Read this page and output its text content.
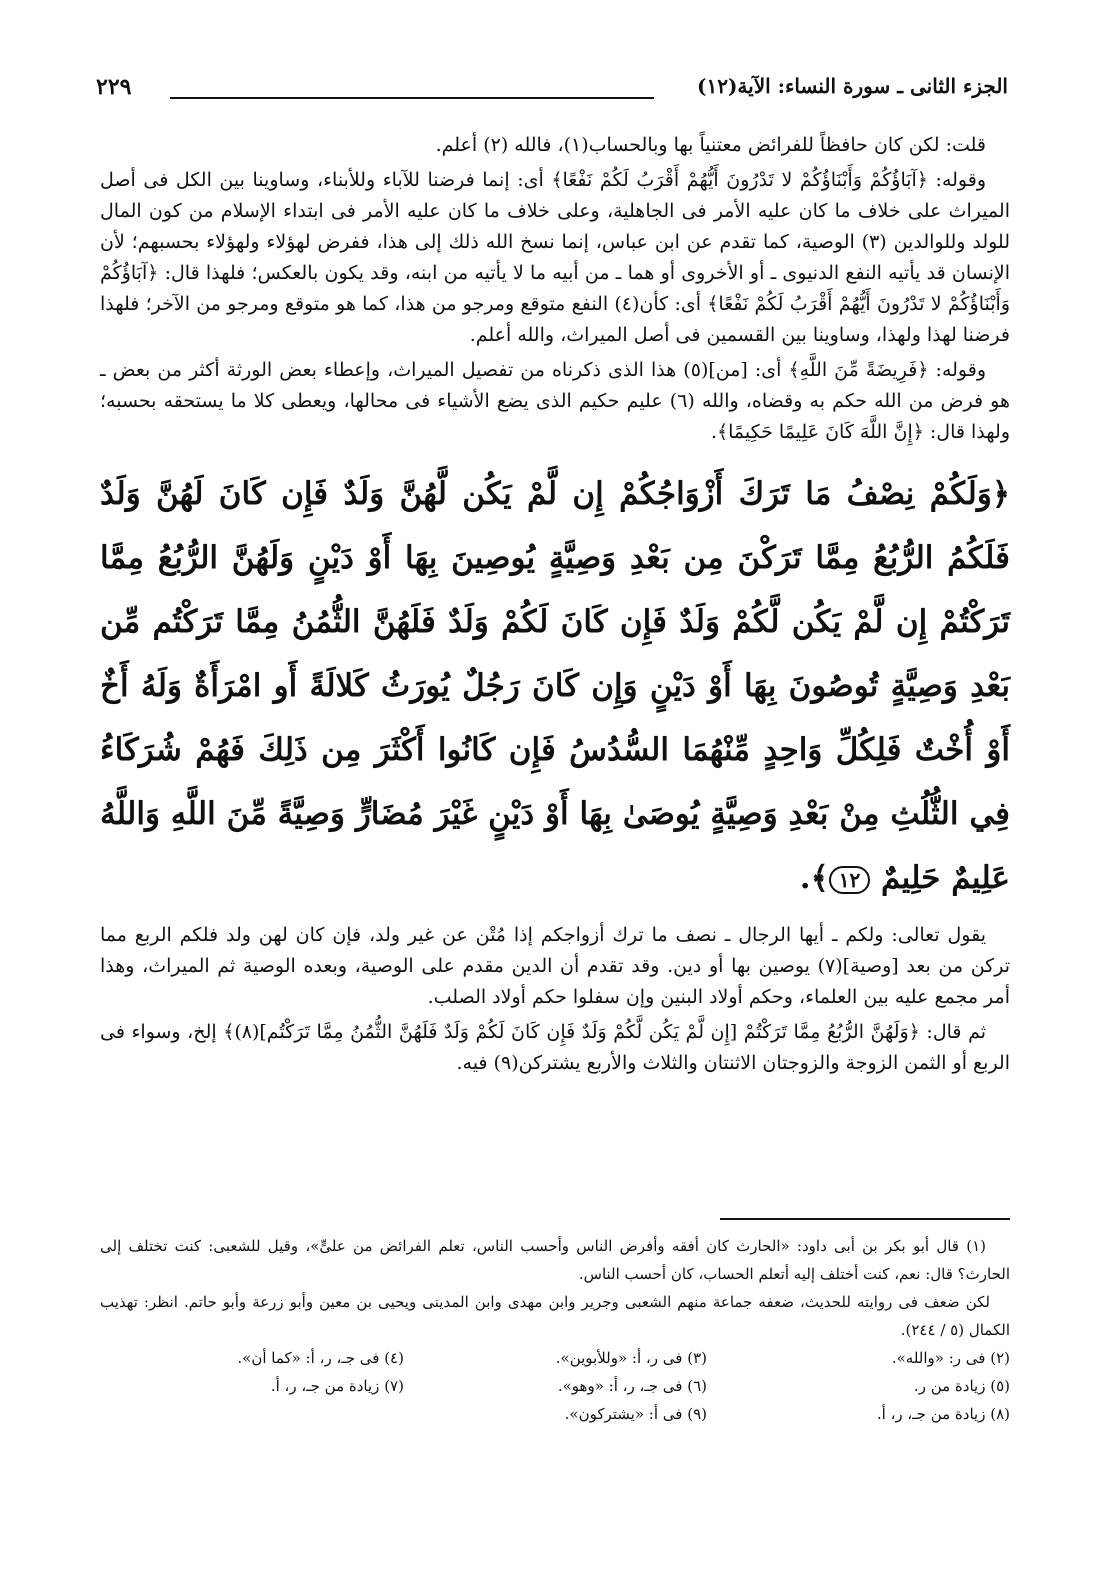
الجزء الثانى ـ سورة النساء: الآية(١٢)
٢٢٩

قلت: لكن كان حافظاً للفرائض معتنياً بها وبالحساب(١)، فالله (٢) أعلم.

وقوله: ﴿آبَاؤُكُمْ وَأَبْنَاؤُكُمْ لا تَدْرُونَ أَيُّهُمْ أَقْرَبُ لَكُمْ نَفْعًا﴾ أى: إنما فرضنا للآباء وللأبناء، وساوينا بين الكل فى أصل الميراث على خلاف ما كان عليه الأمر فى الجاهلية، وعلى خلاف ما كان عليه الأمر فى ابتداء الإسلام من كون المال للولد وللوالدين (٣) الوصية، كما تقدم عن ابن عباس، إنما نسخ الله ذلك إلى هذا، ففرض لهؤلاء ولهؤلاء بحسبهم؛ لأن الإنسان قد يأتيه النفع الدنيوى ـ أو الأخروى أو هما ـ من أبيه ما لا يأتيه من ابنه، وقد يكون بالعكس؛ فلهذا قال: ﴿آبَاؤُكُمْ وَأَبْنَاؤُكُمْ لا تَدْرُونَ أَيُّهُمْ أَقْرَبُ لَكُمْ نَفْعًا﴾ أى: كأن(٤) النفع متوقع ومرجو من هذا، كما هو متوقع ومرجو من الآخر؛ فلهذا فرضنا لهذا ولهذا، وساوينا بين القسمين فى أصل الميراث، والله أعلم.

وقوله: ﴿فَرِيضَةً مِّنَ اللَّهِ﴾ أى: [من](٥) هذا الذى ذكرناه من تفصيل الميراث، وإعطاء بعض الورثة أكثر من بعض ـ هو فرض من الله حكم به وقضاه، والله (٦) عليم حكيم الذى يضع الأشياء فى محالها، ويعطى كلا ما يستحقه بحسبه؛ ولهذا قال: ﴿إِنَّ اللَّهَ كَانَ عَلِيمًا حَكِيمًا﴾.

﴿وَلَكُمْ نِصْفُ مَا تَرَكَ أَزْوَاجُكُمْ إِن لَّمْ يَكُن لَّهُنَّ وَلَدٌ فَإِن كَانَ لَهُنَّ وَلَدٌ فَلَكُمُ الرُّبُعُ مِمَّا تَرَكْنَ مِن بَعْدِ وَصِيَّةٍ يُوصِينَ بِهَا أَوْ دَيْنٍ وَلَهُنَّ الرُّبُعُ مِمَّا تَرَكْتُمْ إِن لَّمْ يَكُن لَّكُمْ وَلَدٌ فَإِن كَانَ لَكُمْ وَلَدٌ فَلَهُنَّ الثُّمُنُ مِمَّا تَرَكْتُم مِّن بَعْدِ وَصِيَّةٍ تُوصُونَ بِهَا أَوْ دَيْنٍ وَإِن كَانَ رَجُلٌ يُورَثُ كَلالَةً أَو امْرَأَةٌ وَلَهُ أَخٌ أَوْ أُخْتٌ فَلِكُلِّ وَاحِدٍ مِّنْهُمَا السُّدُسُ فَإِن كَانُوا أَكْثَرَ مِن ذَلِكَ فَهُمْ شُرَكَاءُ فِي الثُّلُثِ مِنْ بَعْدِ وَصِيَّةٍ يُوصَىٰ بِهَا أَوْ دَيْنٍ غَيْرَ مُضَارٍّ وَصِيَّةً مِّنَ اللَّهِ وَاللَّهُ عَلِيمٌ حَلِيمٌ ١٢﴾.

يقول تعالى: ولكم ـ أيها الرجال ـ نصف ما ترك أزواجكم إذا مُتْن عن غير ولد، فإن كان لهن ولد فلكم الربع مما تركن من بعد [وصية](٧) يوصين بها أو دين. وقد تقدم أن الدين مقدم على الوصية، وبعده الوصية ثم الميراث، وهذا أمر مجمع عليه بين العلماء، وحكم أولاد البنين وإن سفلوا حكم أولاد الصلب.

ثم قال: ﴿وَلَهُنَّ الرُّبُعُ مِمَّا تَرَكْتُمْ [إِن لَّمْ يَكُن لَّكُمْ وَلَدٌ فَإِن كَانَ لَكُمْ وَلَدٌ فَلَهُنَّ الثُّمُنُ مِمَّا تَرَكْتُم](٨)﴾ إلخ، وسواء فى الربع أو الثمن الزوجة والزوجتان الاثنتان والثلاث والأربع يشتركن(٩) فيه.

(١) قال أبو بكر بن أبى داود: «الحارث كان أفقه وأفرض الناس وأحسب الناس، تعلم الفرائض من علىٍّ»، وقيل للشعبى: كنت تختلف إلى الحارث؟ قال: نعم، كنت أختلف إليه أتعلم الحساب، كان أحسب الناس.

لكن ضعف فى روايته للحديث، ضعفه جماعة منهم الشعبى وجرير وابن مهدى وابن المدينى ويحيى بن معين وأبو زرعة وأبو حاتم. انظر: تهذيب الكمال (٥ / ٢٤٤).

(٢) فى ر: «والله».
(٣) فى ر، أ: «وللأبوين».
(٤) فى جـ، ر، أ: «كما أن».
(٥) زيادة من ر.
(٦) فى جـ، ر، أ: «وهو».
(٧) زيادة من جـ، ر، أ.
(٨) زيادة من جـ، ر، أ.
(٩) فى أ: «يشتركون».
